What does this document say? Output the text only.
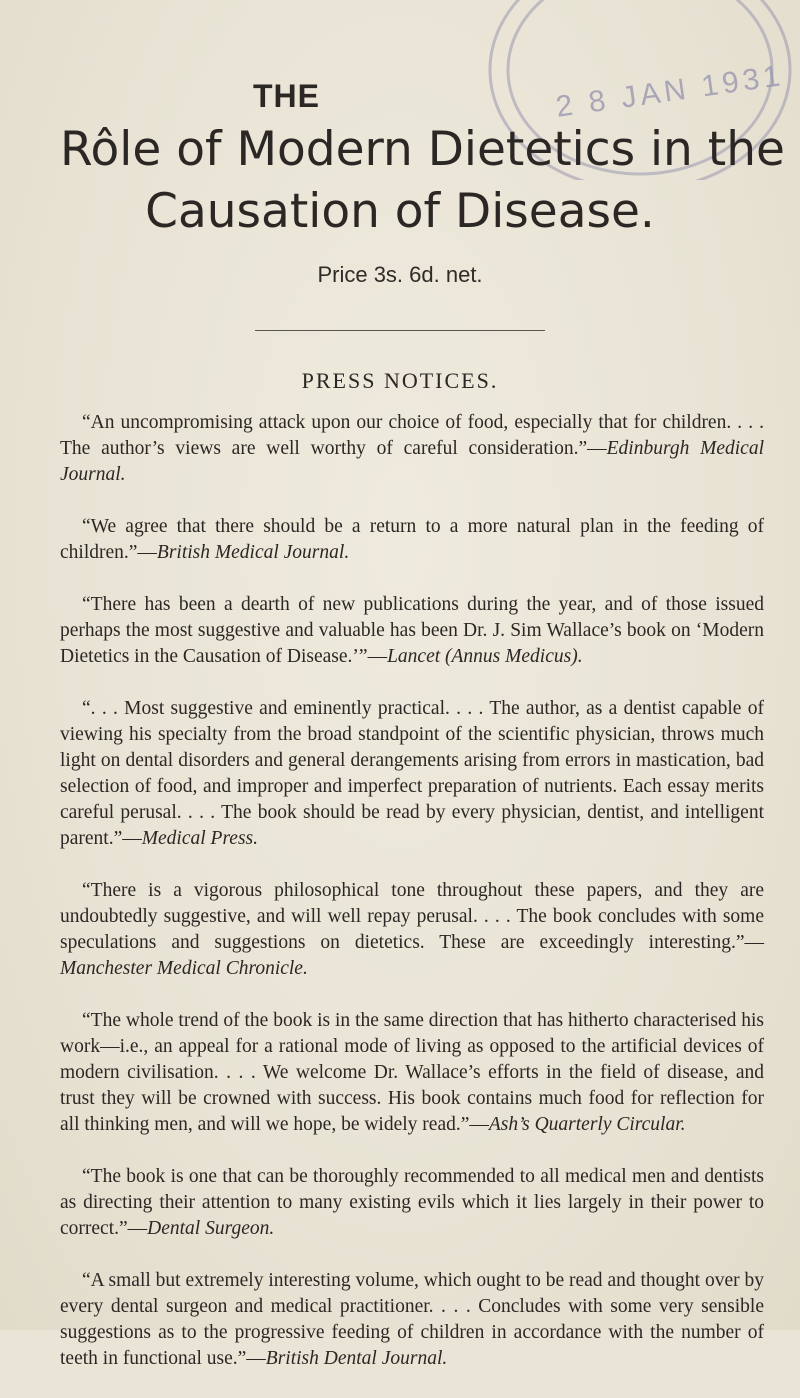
2 8 JAN 1931
THE
Rôle of Modern Dietetics in the
Causation of Disease.
Price 3s. 6d. net.
PRESS NOTICES.

“An uncompromising attack upon our choice of food, especially that for children. . . . The author’s views are well worthy of careful consideration.”—Edinburgh Medical Journal.

“We agree that there should be a return to a more natural plan in the feeding of children.”—British Medical Journal.

“There has been a dearth of new publications during the year, and of those issued perhaps the most suggestive and valuable has been Dr. J. Sim Wallace’s book on ‘Modern Dietetics in the Causation of Disease.’”—Lancet (Annus Medicus).

“. . . Most suggestive and eminently practical. . . . The author, as a dentist capable of viewing his specialty from the broad standpoint of the scientific physician, throws much light on dental disorders and general derangements arising from errors in mastication, bad selection of food, and improper and imperfect preparation of nutrients. Each essay merits careful perusal. . . . The book should be read by every physician, dentist, and intelligent parent.”—Medical Press.

“There is a vigorous philosophical tone throughout these papers, and they are undoubtedly suggestive, and will well repay perusal. . . . The book concludes with some speculations and suggestions on dietetics. These are exceedingly interesting.”—Manchester Medical Chronicle.

“The whole trend of the book is in the same direction that has hitherto characterised his work—i.e., an appeal for a rational mode of living as opposed to the artificial devices of modern civilisation. . . . We welcome Dr. Wallace’s efforts in the field of disease, and trust they will be crowned with success. His book contains much food for reflection for all thinking men, and will we hope, be widely read.”—Ash’s Quarterly Circular.

“The book is one that can be thoroughly recommended to all medical men and dentists as directing their attention to many existing evils which it lies largely in their power to correct.”—Dental Surgeon.

“A small but extremely interesting volume, which ought to be read and thought over by every dental surgeon and medical practitioner. . . . Concludes with some very sensible suggestions as to the progressive feeding of children in accordance with the number of teeth in functional use.”—British Dental Journal.
